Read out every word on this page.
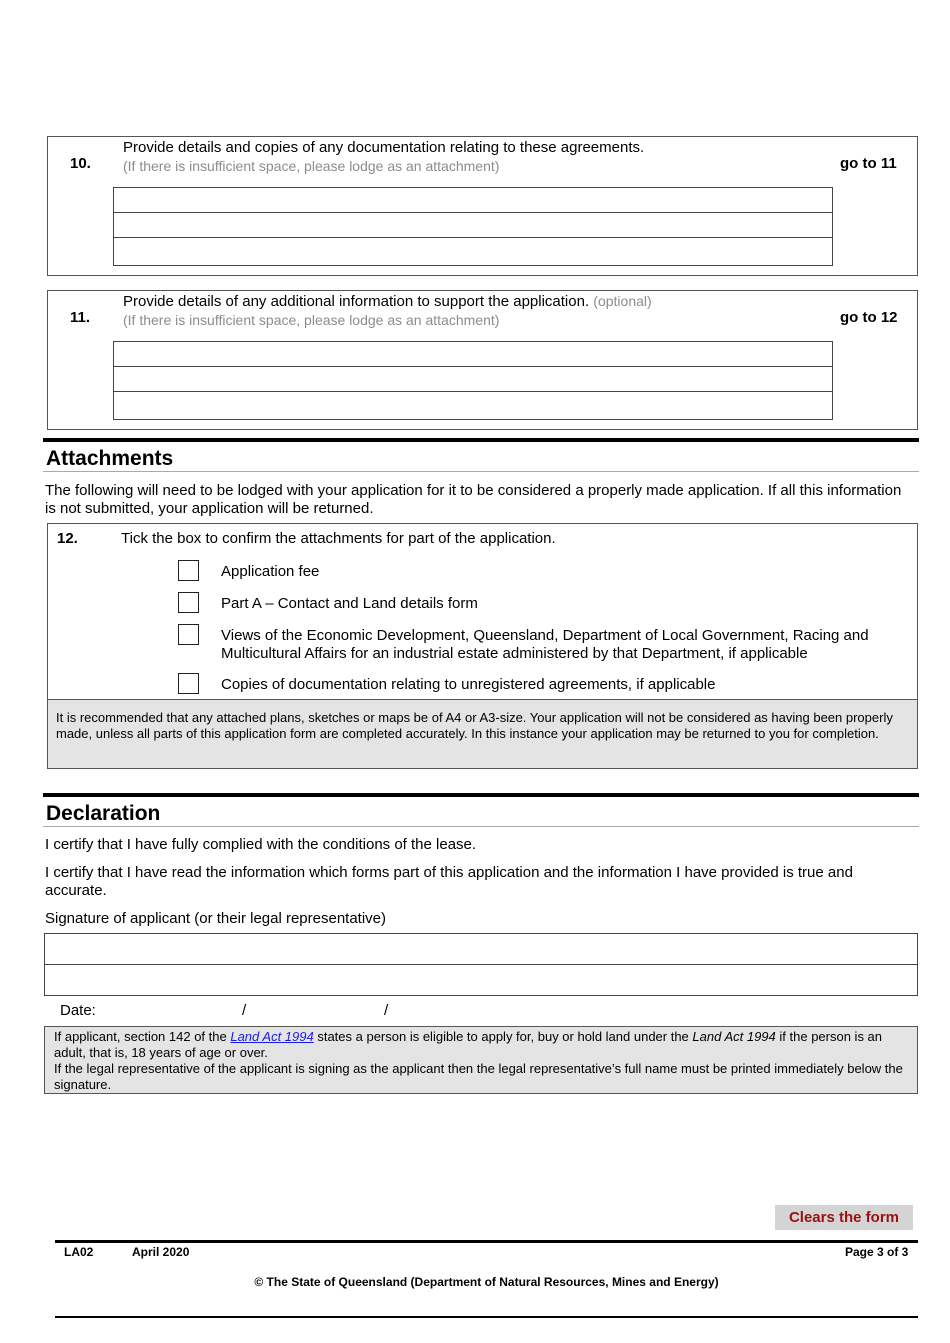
10.
Provide details and copies of any documentation relating to these agreements.
(If there is insufficient space, please lodge as an attachment)	go to 11
11.
Provide details of any additional information to support the application. (optional)
(If there is insufficient space, please lodge as an attachment)	go to 12
Attachments
The following will need to be lodged with your application for it to be considered a properly made application. If all this information is not submitted, your application will be returned.
12.	Tick the box to confirm the attachments for part of the application.
Application fee
Part A – Contact and Land details form
Views of the Economic Development, Queensland, Department of Local Government, Racing and Multicultural Affairs for an industrial estate administered by that Department, if applicable
Copies of documentation relating to unregistered agreements, if applicable
It is recommended that any attached plans, sketches or maps be of A4 or A3-size. Your application will not be considered as having been properly made, unless all parts of this application form are completed accurately. In this instance your application may be returned to you for completion.
Declaration
I certify that I have fully complied with the conditions of the lease.
I certify that I have read the information which forms part of this application and the information I have provided is true and accurate.
Signature of applicant (or their legal representative)
Date:	/	/
If applicant, section 142 of the Land Act 1994 states a person is eligible to apply for, buy or hold land under the Land Act 1994 if the person is an adult, that is, 18 years of age or over.
If the legal representative of the applicant is signing as the applicant then the legal representative’s full name must be printed immediately below the signature.
Clears the form
LA02	April 2020	Page 3 of 3
© The State of Queensland (Department of Natural Resources, Mines and Energy)
